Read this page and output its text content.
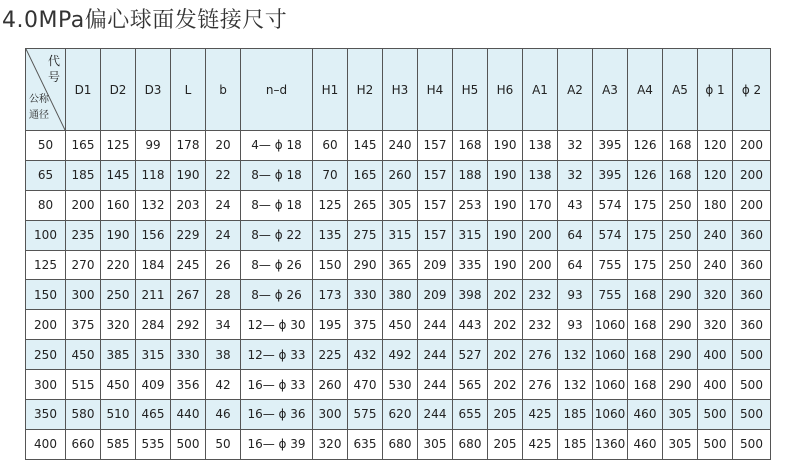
4.0MPa偏心球面发链接尺寸
代号
公称通径	D1	D2	D3	L	b	n–d	H1	H2	H3	H4	H5	H6	A1	A2	A3	A4	A5	ϕ 1	ϕ 2
50	165	125	99	178	20	4— ϕ 18	60	145	240	157	168	190	138	32	395	126	168	120	200
65	185	145	118	190	22	8— ϕ 18	70	165	260	157	188	190	138	32	395	126	168	120	200
80	200	160	132	203	24	8— ϕ 18	125	265	305	157	253	190	170	43	574	175	250	180	200
100	235	190	156	229	24	8— ϕ 22	135	275	315	157	315	190	200	64	574	175	250	240	360
125	270	220	184	245	26	8— ϕ 26	150	290	365	209	335	190	200	64	755	175	250	240	360
150	300	250	211	267	28	8— ϕ 26	173	330	380	209	398	202	232	93	755	168	290	320	360
200	375	320	284	292	34	12— ϕ 30	195	375	450	244	443	202	232	93	1060	168	290	320	360
250	450	385	315	330	38	12— ϕ 33	225	432	492	244	527	202	276	132	1060	168	290	400	500
300	515	450	409	356	42	16— ϕ 33	260	470	530	244	565	202	276	132	1060	168	290	400	500
350	580	510	465	440	46	16— ϕ 36	300	575	620	244	655	205	425	185	1060	460	305	500	500
400	660	585	535	500	50	16— ϕ 39	320	635	680	305	680	205	425	185	1360	460	305	500	500
